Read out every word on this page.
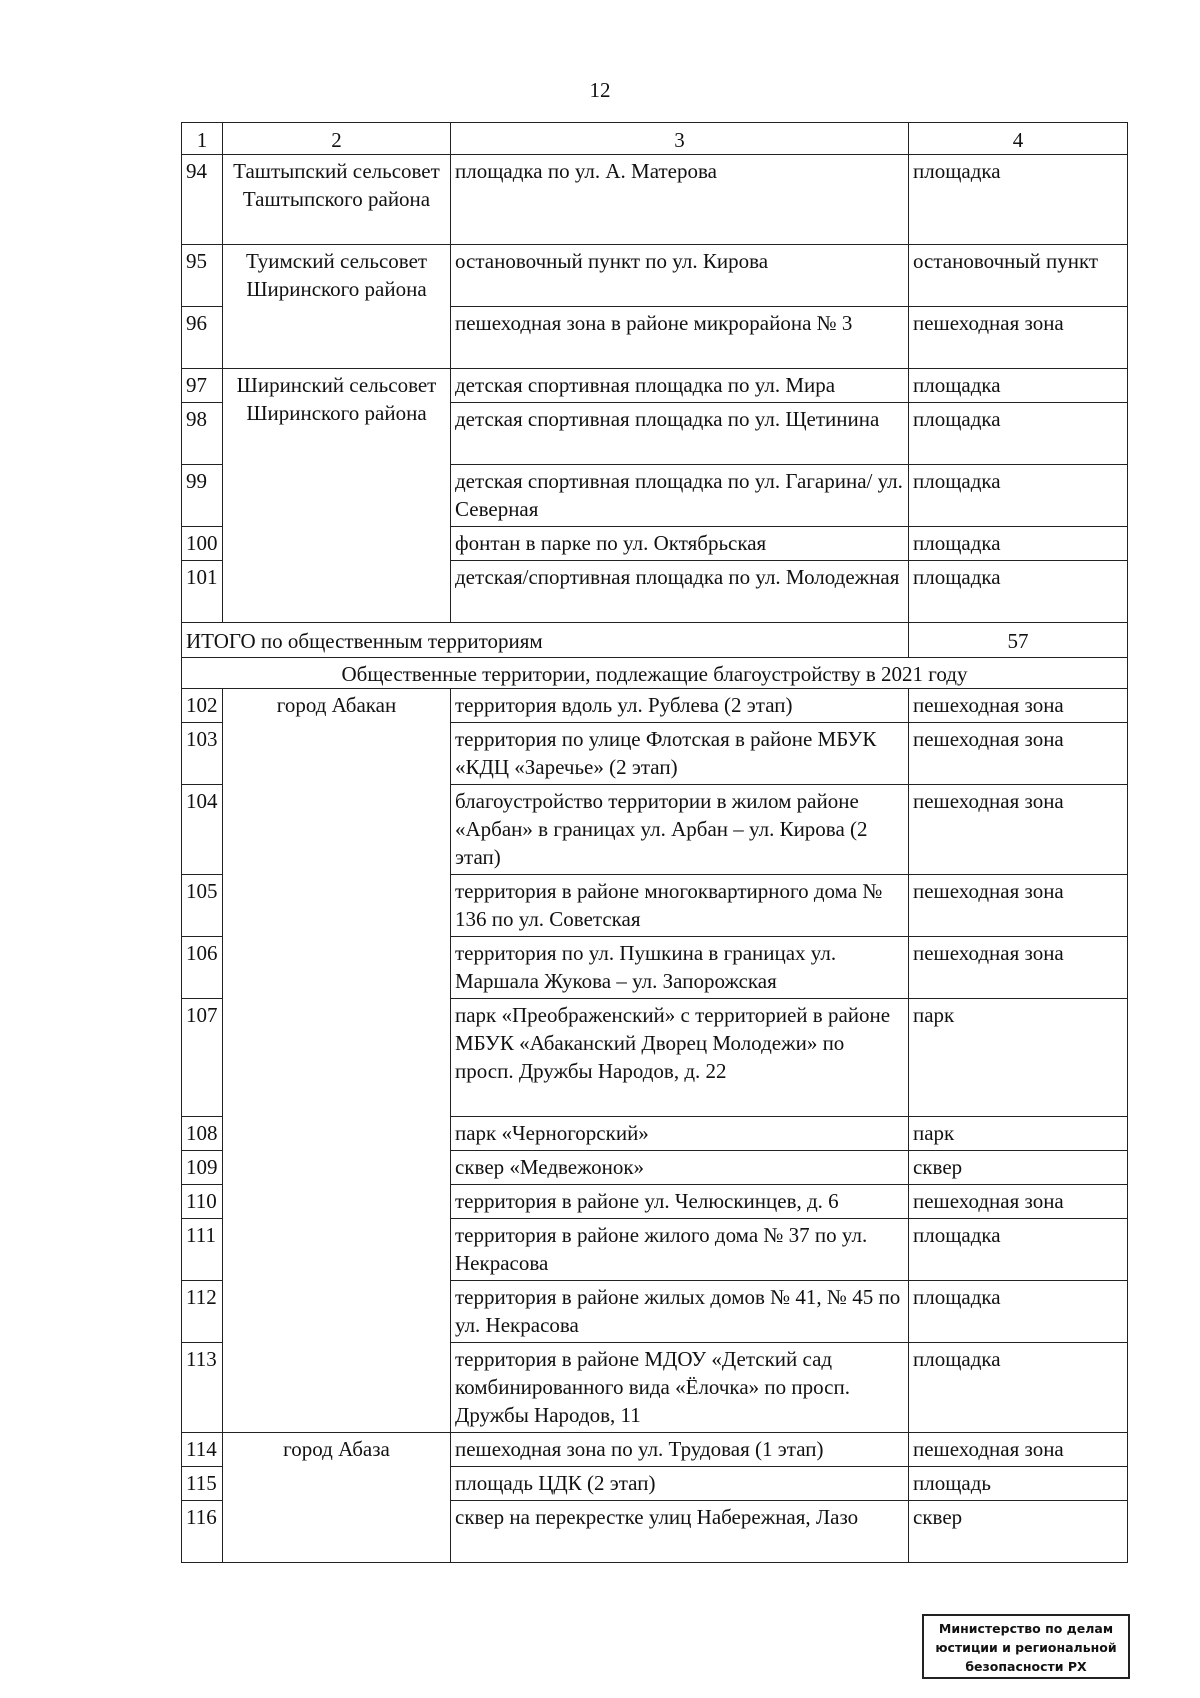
12
1	2	3	4
94	Таштыпский сельсовет Таштыпского района	площадка по ул. А. Матерова	площадка
95	Туимский сельсовет Ширинского района	остановочный пункт по ул. Кирова	остановочный пункт
96		пешеходная зона в районе микрорайона № 3	пешеходная зона
97	Ширинский сельсовет Ширинского района	детская спортивная площадка по ул. Мира	площадка
98		детская спортивная площадка по ул. Щетинина	площадка
99		детская спортивная площадка по ул. Гагарина/ ул. Северная	площадка
100		фонтан в парке по ул. Октябрьская	площадка
101		детская/спортивная площадка по ул. Молодежная	площадка
ИТОГО по общественным территориям			57
Общественные территории, подлежащие благоустройству в 2021 году			
102	город Абакан	территория вдоль ул. Рублева (2 этап)	пешеходная зона
103		территория по улице Флотская в районе МБУК «КДЦ «Заречье» (2 этап)	пешеходная зона
104		благоустройство территории в жилом районе «Арбан» в границах ул. Арбан – ул. Кирова (2 этап)	пешеходная зона
105		территория в районе многоквартирного дома № 136 по ул. Советская	пешеходная зона
106		территория по ул. Пушкина в границах ул. Маршала Жукова – ул. Запорожская	пешеходная зона
107		парк «Преображенский» с территорией в районе МБУК «Абаканский Дворец Молодежи» по просп. Дружбы Народов, д. 22	парк
108		парк «Черногорский»	парк
109		сквер «Медвежонок»	сквер
110		территория в районе ул. Челюскинцев, д. 6	пешеходная зона
111		территория в районе жилого дома № 37 по ул. Некрасова	площадка
112		территория в районе жилых домов № 41, № 45 по ул. Некрасова	площадка
113		территория в районе МДОУ «Детский сад комбинированного вида «Ёлочка» по просп. Дружбы Народов, 11	площадка
114	город Абаза	пешеходная зона по ул. Трудовая (1 этап)	пешеходная зона
115		площадь ЦДК (2 этап)	площадь
116		сквер на перекрестке улиц Набережная, Лазо	сквер
Министерство по делам
юстиции и региональной
безопасности РХ
